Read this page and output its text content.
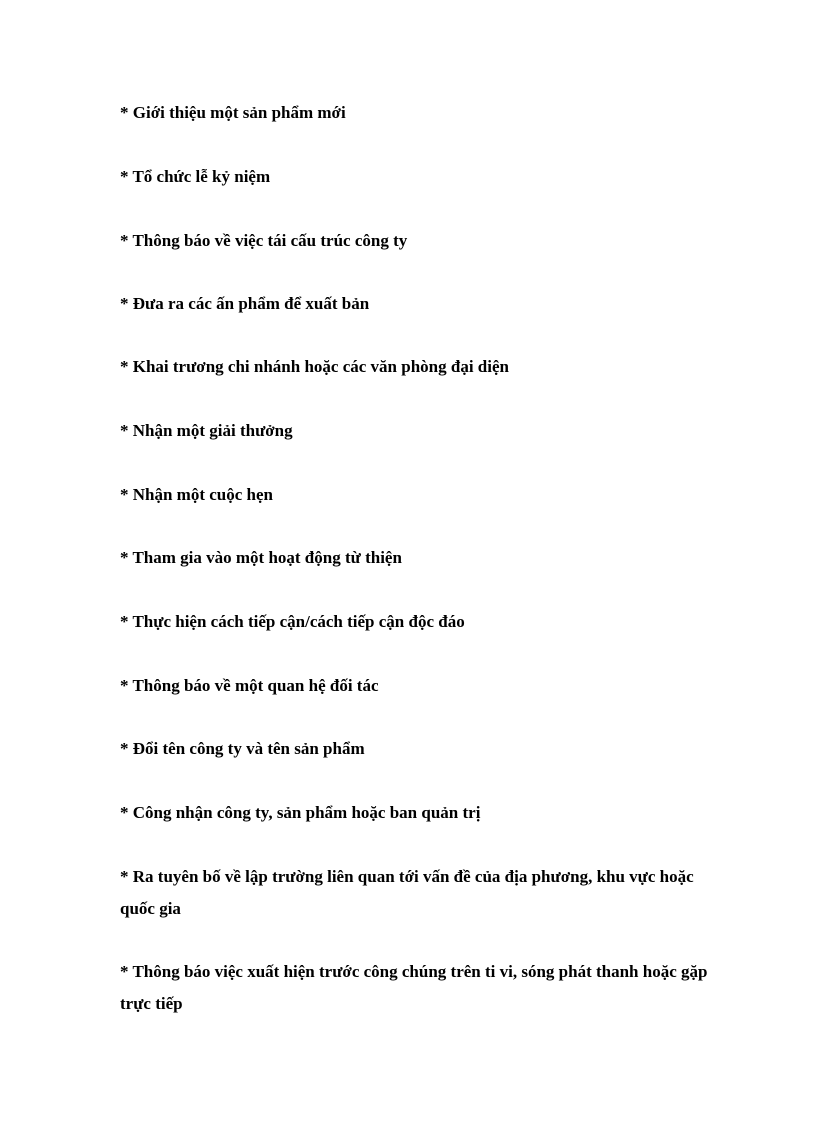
* Giới thiệu một sản phẩm mới

* Tổ chức lễ kỷ niệm

* Thông báo về việc tái cấu trúc công ty

* Đưa ra các ấn phẩm để xuất bản

* Khai trương chi nhánh hoặc các văn phòng đại diện

* Nhận một giải thưởng

* Nhận một cuộc hẹn

* Tham gia vào một hoạt động từ thiện

* Thực hiện cách tiếp cận/cách tiếp cận độc đáo

* Thông báo về một quan hệ đối tác

* Đổi tên công ty và tên sản phẩm

* Công nhận công ty, sản phẩm hoặc ban quản trị

* Ra tuyên bố về lập trường liên quan tới vấn đề của địa phương, khu vực hoặc quốc gia

* Thông báo việc xuất hiện trước công chúng trên ti vi, sóng phát thanh hoặc gặp trực tiếp
